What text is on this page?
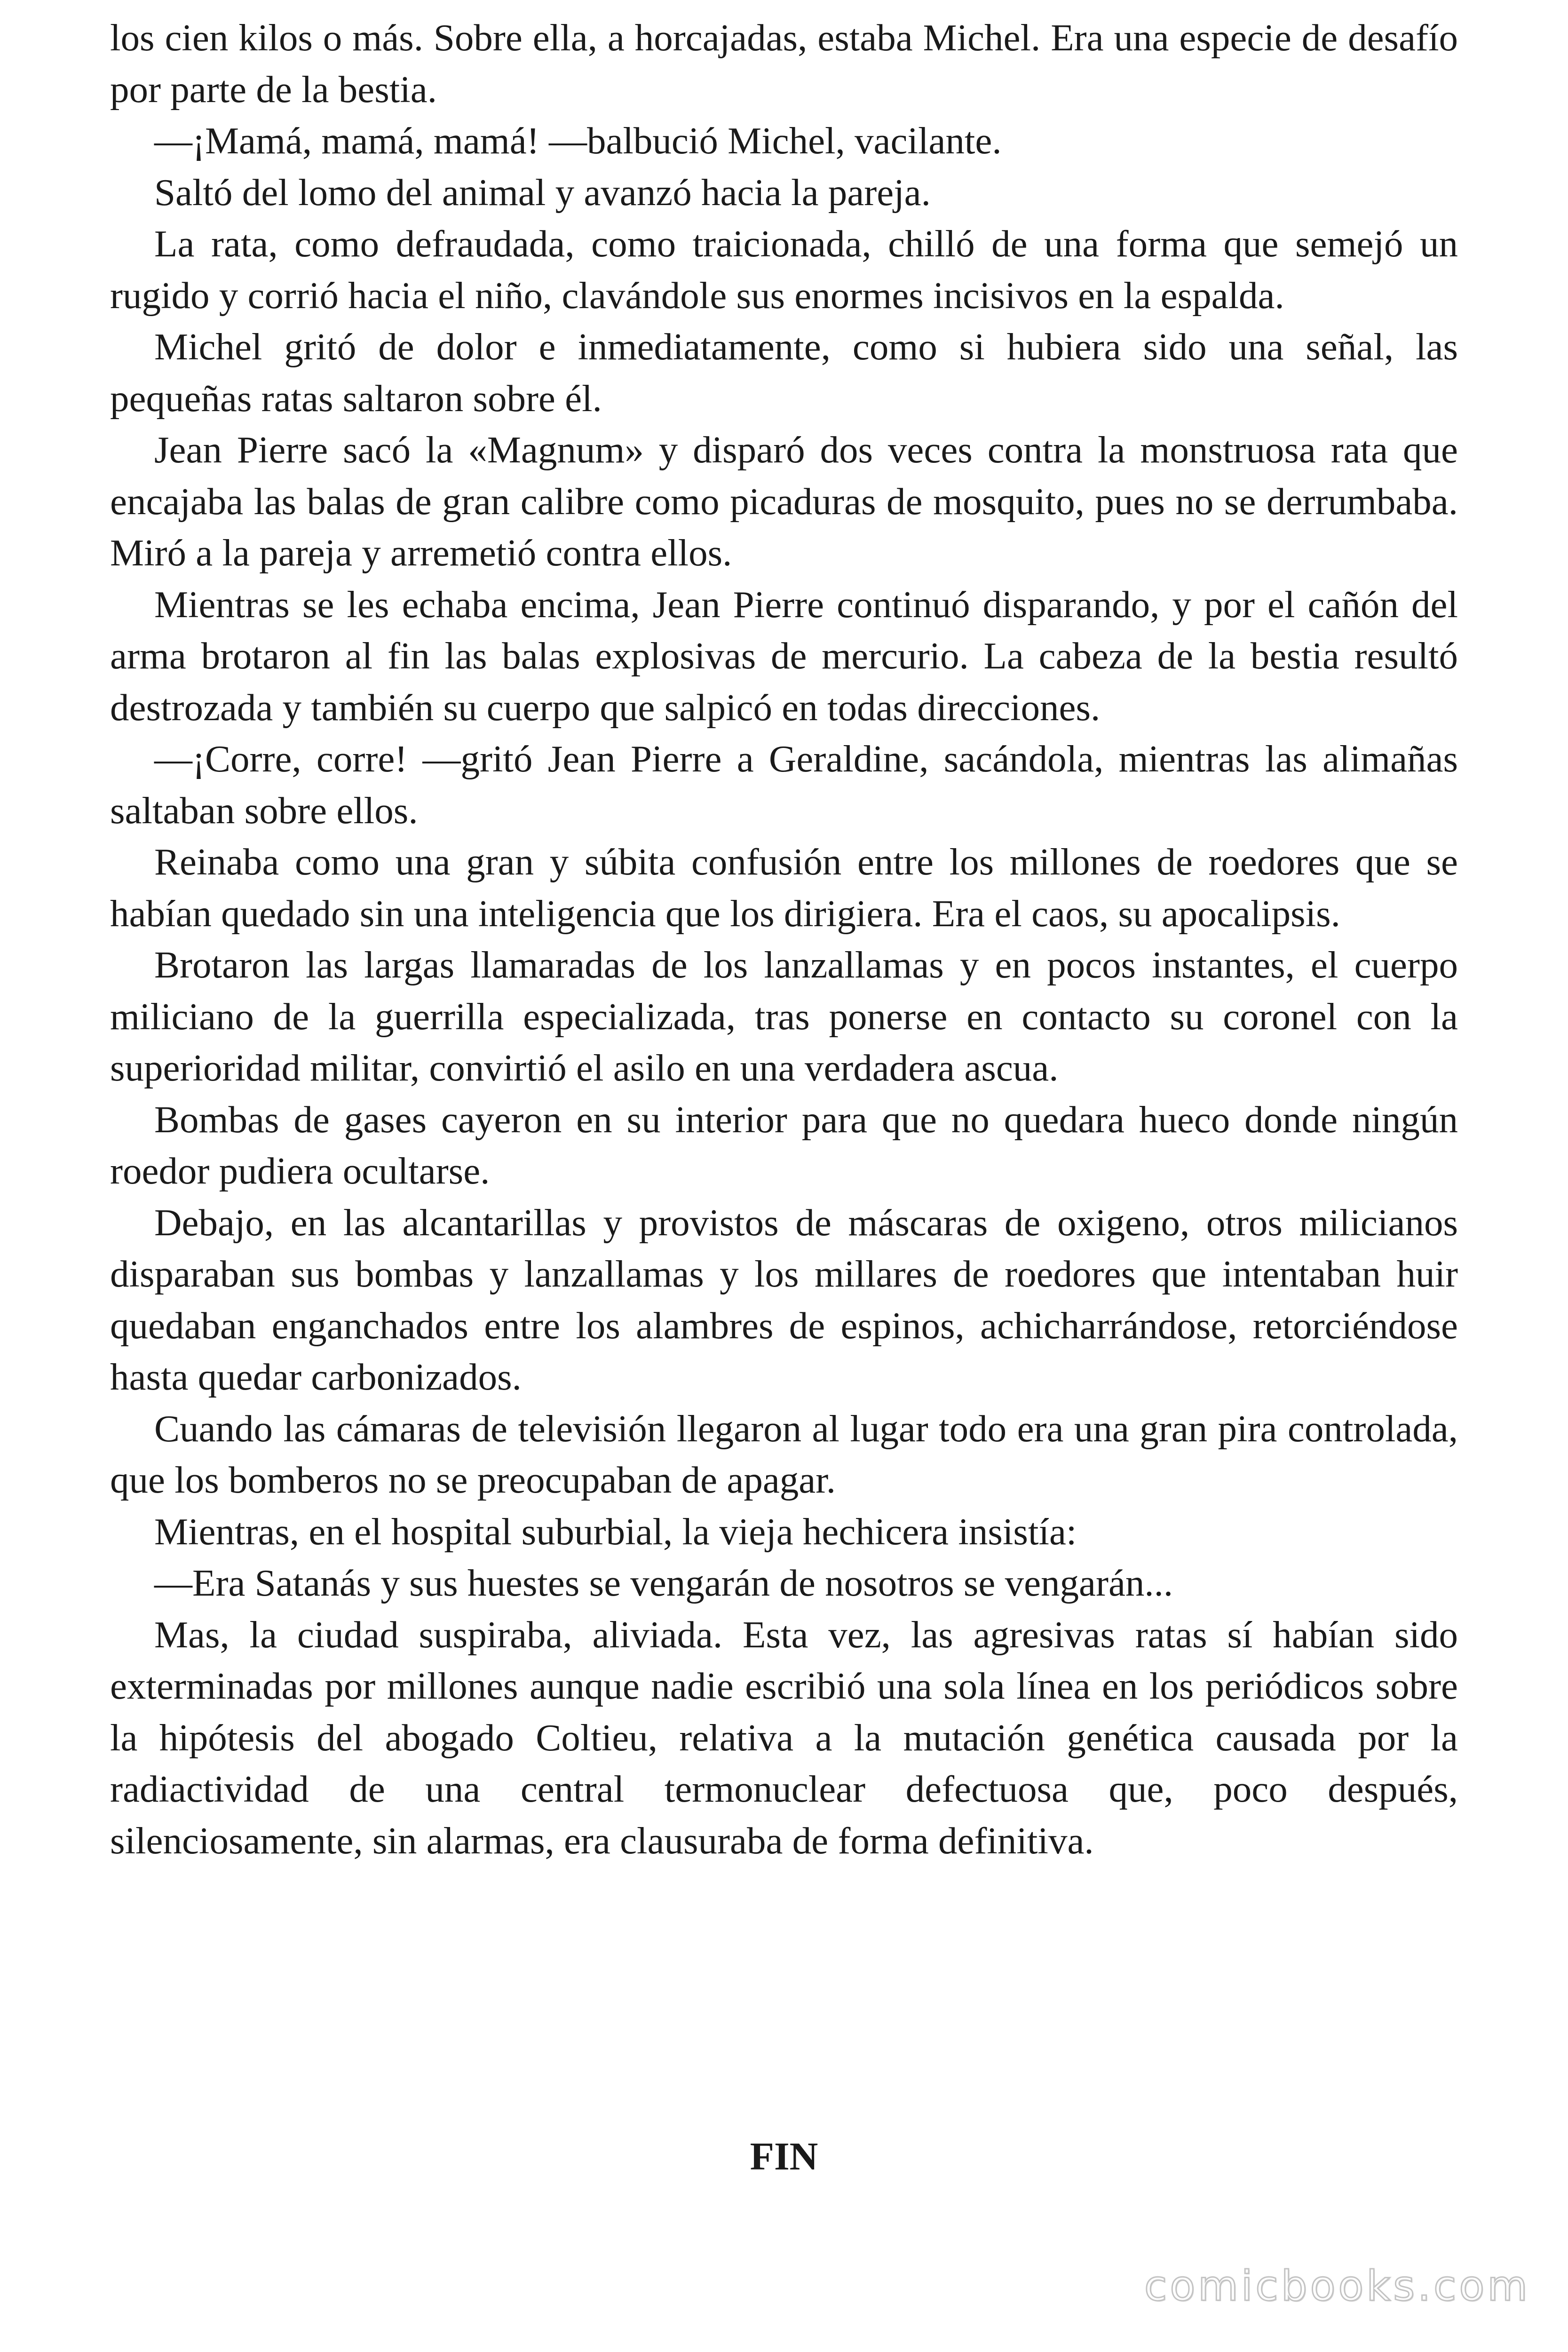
los cien kilos o más. Sobre ella, a horcajadas, estaba Michel. Era una especie de desafío por parte de la bestia.

—¡Mamá, mamá, mamá! —balbució Michel, vacilante.

Saltó del lomo del animal y avanzó hacia la pareja.

La rata, como defraudada, como traicionada, chilló de una forma que semejó un rugido y corrió hacia el niño, clavándole sus enormes incisivos en la espalda.

Michel gritó de dolor e inmediatamente, como si hubiera sido una señal, las pequeñas ratas saltaron sobre él.

Jean Pierre sacó la «Magnum» y disparó dos veces contra la monstruosa rata que encajaba las balas de gran calibre como picaduras de mosquito, pues no se derrumbaba. Miró a la pareja y arremetió contra ellos.

Mientras se les echaba encima, Jean Pierre continuó disparando, y por el cañón del arma brotaron al fin las balas explosivas de mercurio. La cabeza de la bestia resultó destrozada y también su cuerpo que salpicó en todas direcciones.

—¡Corre, corre! —gritó Jean Pierre a Geraldine, sacándola, mientras las alimañas saltaban sobre ellos.

Reinaba como una gran y súbita confusión entre los millones de roedores que se habían quedado sin una inteligencia que los dirigiera. Era el caos, su apocalipsis.

Brotaron las largas llamaradas de los lanzallamas y en pocos instantes, el cuerpo miliciano de la guerrilla especializada, tras ponerse en contacto su coronel con la superioridad militar, convirtió el asilo en una verdadera ascua.

Bombas de gases cayeron en su interior para que no quedara hueco donde ningún roedor pudiera ocultarse.

Debajo, en las alcantarillas y provistos de máscaras de oxigeno, otros milicianos disparaban sus bombas y lanzallamas y los millares de roedores que intentaban huir quedaban enganchados entre los alambres de espinos, achicharrándose, retorciéndose hasta quedar carbonizados.

Cuando las cámaras de televisión llegaron al lugar todo era una gran pira controlada, que los bomberos no se preocupaban de apagar.

Mientras, en el hospital suburbial, la vieja hechicera insistía:

—Era Satanás y sus huestes se vengarán de nosotros se vengarán...

Mas, la ciudad suspiraba, aliviada. Esta vez, las agresivas ratas sí habían sido exterminadas por millones aunque nadie escribió una sola línea en los periódicos sobre la hipótesis del abogado Coltieu, relativa a la mutación genética causada por la radiactividad de una central termonuclear defectuosa que, poco después, silenciosamente, sin alarmas, era clausuraba de forma definitiva.

FIN
comicbooks.com
